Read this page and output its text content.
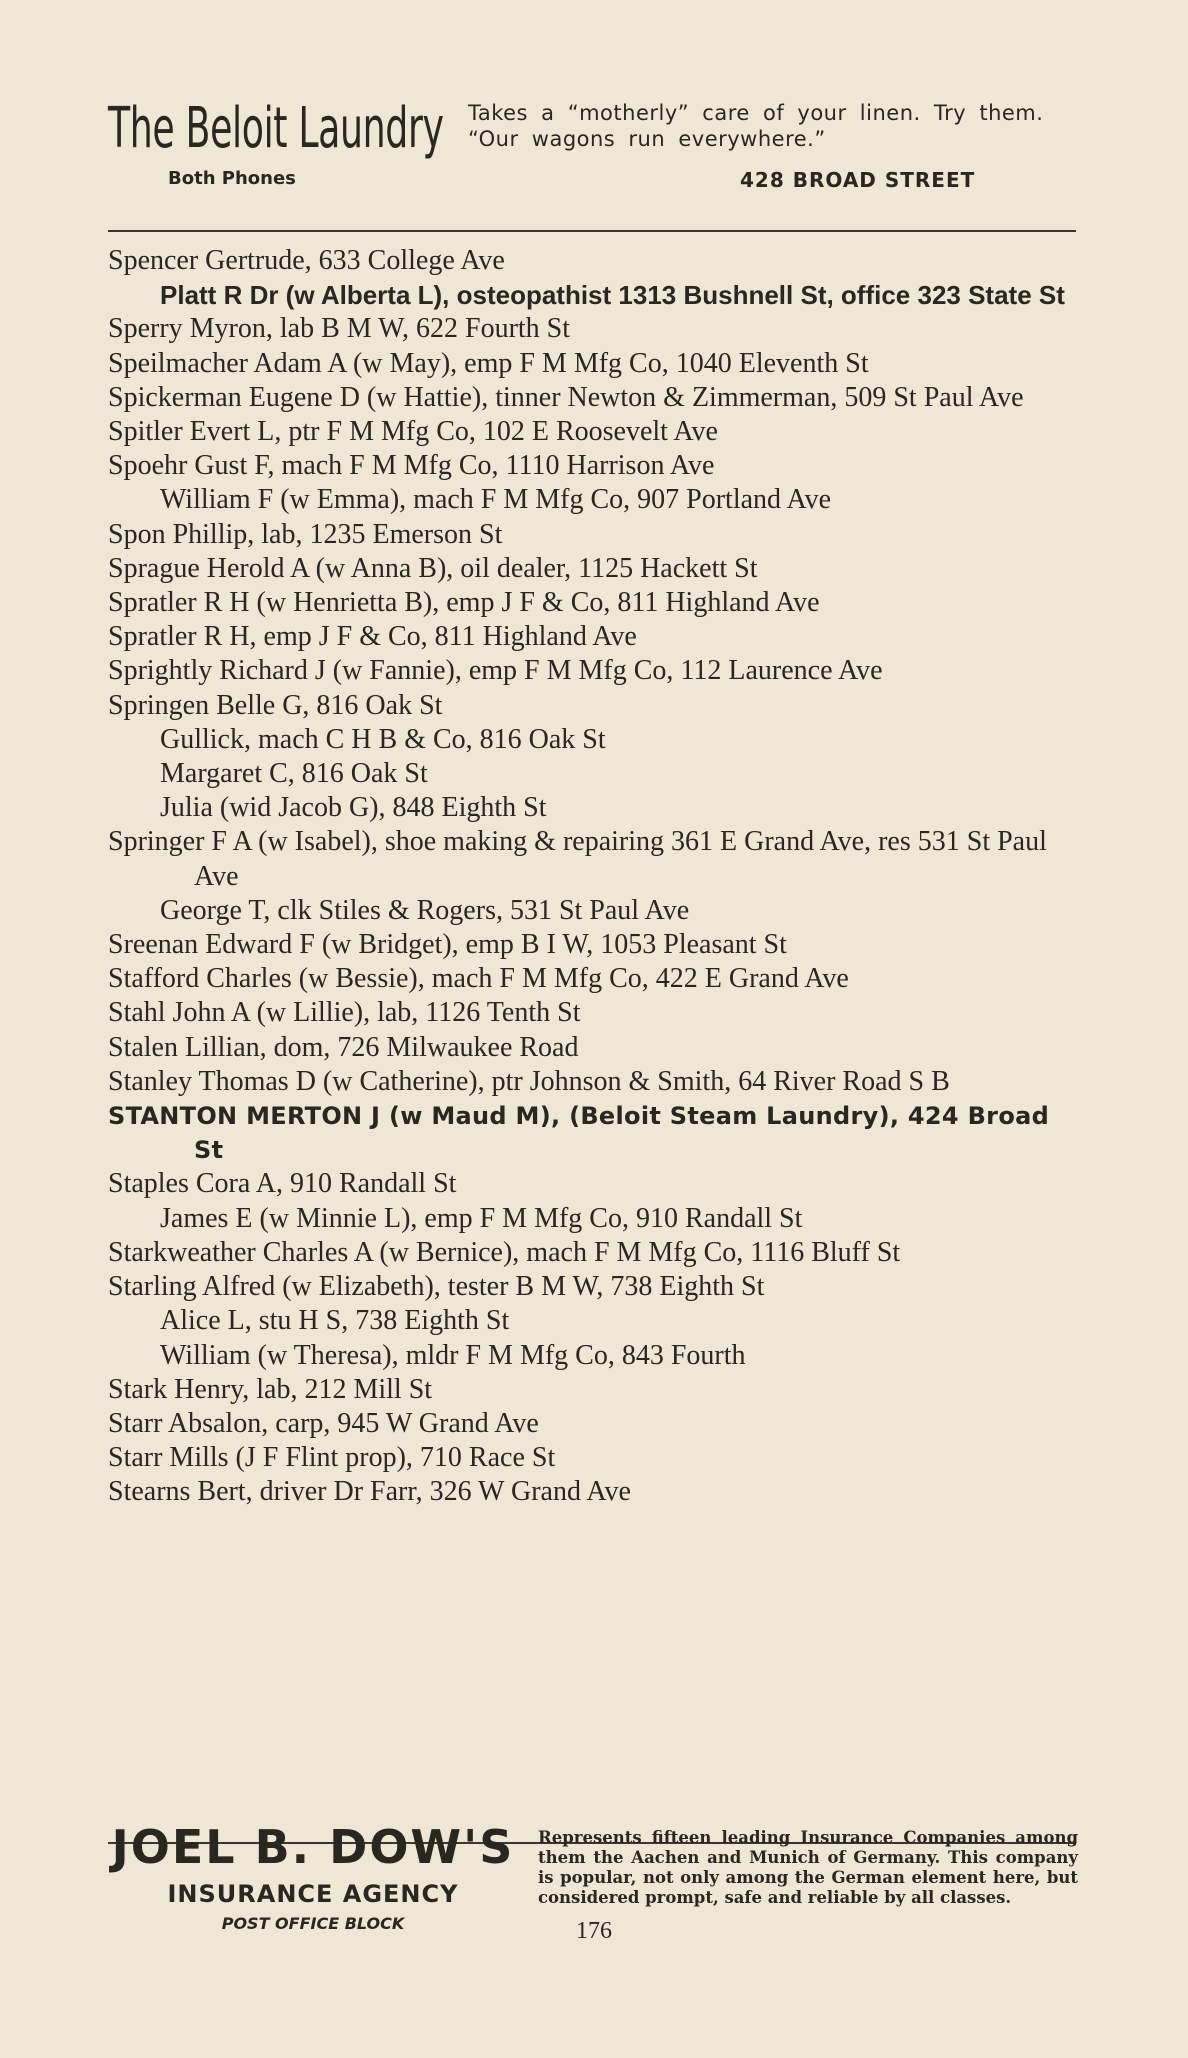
The Beloit Laundry Takes a “motherly” care of your linen. Try them. “Our wagons run everywhere.”
Both Phones	428 BROAD STREET

Spencer Gertrude, 633 College Ave

Platt R Dr (w Alberta L), osteopathist 1313 Bushnell St, office 323 State St

Sperry Myron, lab B M W, 622 Fourth St

Speilmacher Adam A (w May), emp F M Mfg Co, 1040 Eleventh St

Spickerman Eugene D (w Hattie), tinner Newton & Zimmerman, 509 St Paul Ave

Spitler Evert L, ptr F M Mfg Co, 102 E Roosevelt Ave

Spoehr Gust F, mach F M Mfg Co, 1110 Harrison Ave

William F (w Emma), mach F M Mfg Co, 907 Portland Ave

Spon Phillip, lab, 1235 Emerson St

Sprague Herold A (w Anna B), oil dealer, 1125 Hackett St

Spratler R H (w Henrietta B), emp J F & Co, 811 Highland Ave

Spratler R H, emp J F & Co, 811 Highland Ave

Sprightly Richard J (w Fannie), emp F M Mfg Co, 112 Laurence Ave

Springen Belle G, 816 Oak St

Gullick, mach C H B & Co, 816 Oak St

Margaret C, 816 Oak St

Julia (wid Jacob G), 848 Eighth St

Springer F A (w Isabel), shoe making & repairing 361 E Grand Ave, res 531 St Paul Ave

George T, clk Stiles & Rogers, 531 St Paul Ave

Sreenan Edward F (w Bridget), emp B I W, 1053 Pleasant St

Stafford Charles (w Bessie), mach F M Mfg Co, 422 E Grand Ave

Stahl John A (w Lillie), lab, 1126 Tenth St

Stalen Lillian, dom, 726 Milwaukee Road

Stanley Thomas D (w Catherine), ptr Johnson & Smith, 64 River Road S B

STANTON MERTON J (w Maud M), (Beloit Steam Laundry), 424 Broad St

Staples Cora A, 910 Randall St

James E (w Minnie L), emp F M Mfg Co, 910 Randall St

Starkweather Charles A (w Bernice), mach F M Mfg Co, 1116 Bluff St

Starling Alfred (w Elizabeth), tester B M W, 738 Eighth St

Alice L, stu H S, 738 Eighth St

William (w Theresa), mldr F M Mfg Co, 843 Fourth

Stark Henry, lab, 212 Mill St

Starr Absalon, carp, 945 W Grand Ave

Starr Mills (J F Flint prop), 710 Race St

Stearns Bert, driver Dr Farr, 326 W Grand Ave

JOEL B. DOW'S
INSURANCE AGENCY
POST OFFICE BLOCK
Represents fifteen leading Insurance Companies among them the Aachen and Munich of Germany. This company is popular, not only among the German element here, but considered prompt, safe and reliable by all classes.
176
